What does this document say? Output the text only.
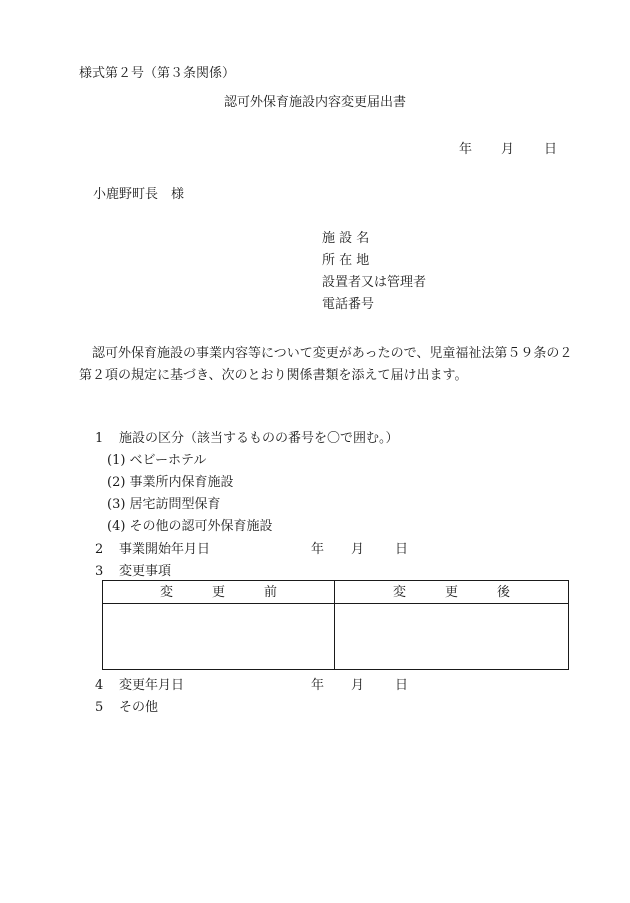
様式第２号（第３条関係）
認可外保育施設内容変更届出書
年 月 日
小鹿野町長　様
施 設 名
所 在 地
設置者又は管理者
電話番号
認可外保育施設の事業内容等について変更があったので、児童福祉法第５９条の２第２項の規定に基づき、次のとおり関係書類を添えて届け出ます。
1 施設の区分（該当するものの番号を〇で囲む。）
(1) ベビーホテル
(2) 事業所内保育施設
(3) 居宅訪問型保育
(4) その他の認可外保育施設
2 事業開始年月日	年 月 日
3 変更事項
変　　　更　　　前	変　　　更　　　後

4 変更年月日	年 月 日
5 その他
